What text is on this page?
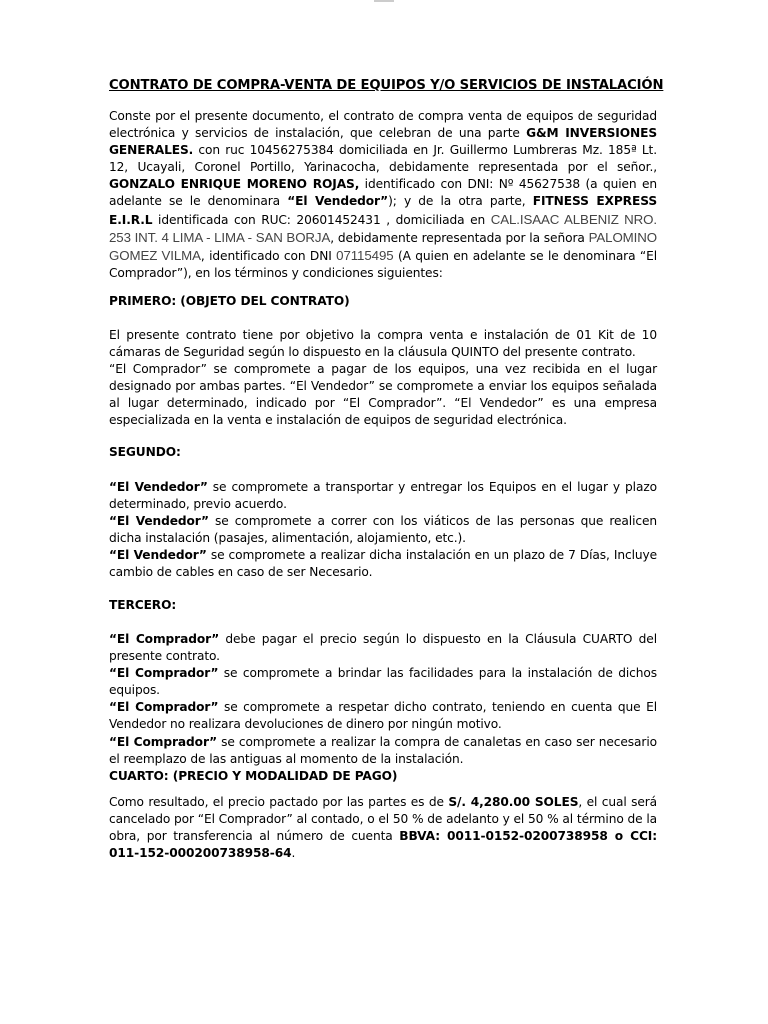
CONTRATO DE COMPRA-VENTA DE EQUIPOS Y/O SERVICIOS DE INSTALACIÓN

Conste por el presente documento, el contrato de compra venta de equipos de seguridad electrónica y servicios de instalación, que celebran de una parte G&M INVERSIONES GENERALES. con ruc 10456275384 domiciliada en Jr. Guillermo Lumbreras Mz. 185ª Lt. 12, Ucayali, Coronel Portillo, Yarinacocha, debidamente representada por el señor., GONZALO ENRIQUE MORENO ROJAS, identificado con DNI: Nº 45627538 (a quien en adelante se le denominara “El Vendedor”); y de la otra parte, FITNESS EXPRESS E.I.R.L identificada con RUC: 20601452431 , domiciliada en CAL.ISAAC ALBENIZ NRO. 253 INT. 4 LIMA - LIMA - SAN BORJA, debidamente representada por la señora PALOMINO GOMEZ VILMA, identificado con DNI 07115495 (A quien en adelante se le denominara “El Comprador”), en los términos y condiciones siguientes:

PRIMERO: (OBJETO DEL CONTRATO)

El presente contrato tiene por objetivo la compra venta e instalación de 01 Kit de 10 cámaras de Seguridad según lo dispuesto en la cláusula QUINTO del presente contrato.
“El Comprador” se compromete a pagar de los equipos, una vez recibida en el lugar designado por ambas partes. “El Vendedor” se compromete a enviar los equipos señalada al lugar determinado, indicado por “El Comprador”. “El Vendedor” es una empresa especializada en la venta e instalación de equipos de seguridad electrónica.

SEGUNDO:

“El Vendedor” se compromete a transportar y entregar los Equipos en el lugar y plazo determinado, previo acuerdo.
“El Vendedor” se compromete a correr con los viáticos de las personas que realicen dicha instalación (pasajes, alimentación, alojamiento, etc.).
“El Vendedor” se compromete a realizar dicha instalación en un plazo de 7 Días, Incluye cambio de cables en caso de ser Necesario.

TERCERO:

“El Comprador” debe pagar el precio según lo dispuesto en la Cláusula CUARTO del presente contrato.
“El Comprador” se compromete a brindar las facilidades para la instalación de dichos equipos.
“El Comprador” se compromete a respetar dicho contrato, teniendo en cuenta que El Vendedor no realizara devoluciones de dinero por ningún motivo.
“El Comprador” se compromete a realizar la compra de canaletas en caso ser necesario el reemplazo de las antiguas al momento de la instalación.

CUARTO: (PRECIO Y MODALIDAD DE PAGO)

Como resultado, el precio pactado por las partes es de S/. 4,280.00 SOLES, el cual será cancelado por “El Comprador” al contado, o el 50 % de adelanto y el 50 % al término de la obra, por transferencia al número de cuenta BBVA: 0011-0152-0200738958 o CCI: 011-152-000200738958-64.
